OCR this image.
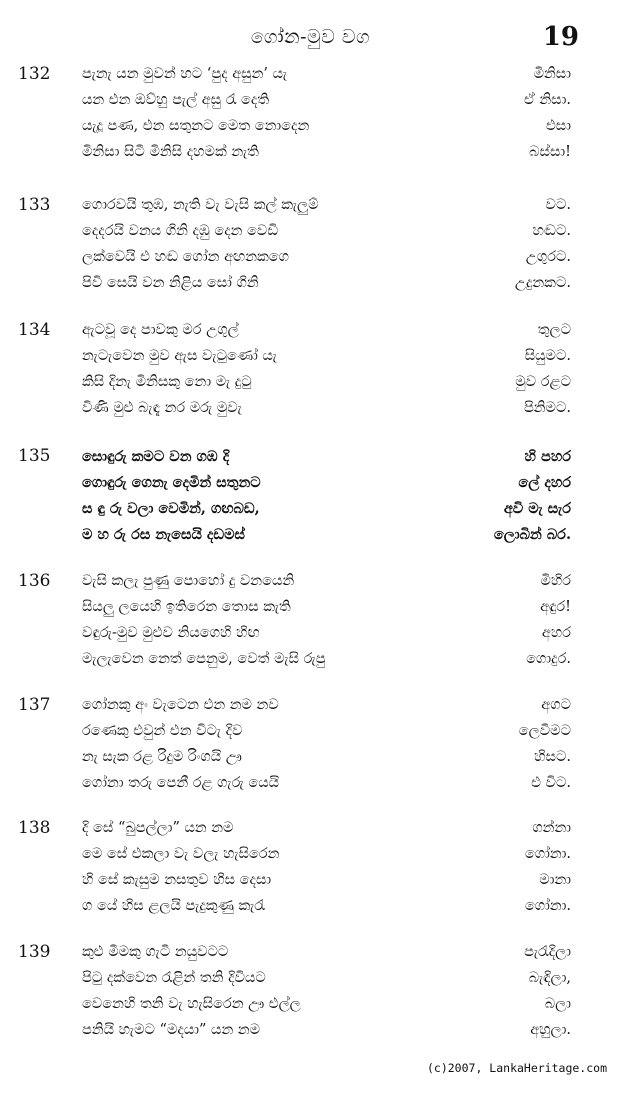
ගෝන-මුව වග	19
132 පැනැ යන මුවන් හට ‘පුද අසුන’ යැ	මිනිසා
යන එන ඔව්හු පැල් අසු රැ දෙති	ඒ නිසා.
යැදූ පණ, එන සතුනට මෙත නොදෙන	එසා
මිනිසා සිටී මිනිසි දහමක් නැති	බස්සා!
133 ගොරවයි තුඹ, නැති වැ වැසි කල් කැලුම්	වට.
දෙදරයි වනය ගිනි දඹු දෙන වෙඩි	හඬට.
ලක්වෙයි එ හඬ ගෝන අඟනකගෙ	උගුරට.
පිවි සෙයි වන නිළිය සෝ ගිනි	උදුනකට.
134 ඇටවූ දෙ පාවකු මර උගුල්	තුලට
නැටැවෙන මුව ඇස වැටුණෝ යැ	සියුමට.
කිසි දිනැ මිනිසකු නො මැ දුටු	මුව රළට
විණි මුළු බැඳැ නර මරු මුවැ	පිනිමට.
135 සොඳුරු කමට වන ගඹ දි	හි පහර
ගොඳුරු ගෙනැ දෙමින් සතුනට	ලේ දහර
ස ඳු රු වලා වෙමින්, ගඟබඩ,	අවි මැ සැර
ම හ රු රස නැසෙයි දඩමස්	ලොබින් බර.
136 වැසි කලැ පුණු පොහෝ දු වනයෙනි	මිහිර
සියලු ලයෙහි ඉතිරෙන තොස කැති	අඳුර!
වඳුරු-මුව මුළුව නියගෙහි හිඟ	අහර
මැලැවෙන නෙත් පෙනුම, වෙත් මැසි රුපු	ගොදුර.
137 ගෝනකු අං වැටෙන එන නම නව	අගට
රණෙකු එවුන් එන විටැ දිව	ලෙවීමට
නැ සැක රළ රිදුම රිංගයි ඌ	හිසට.
ගෝනා තරු පෙනී රළ ගැරු යෙයි	එ විට.
138 දි සේ “බුපල්ලා” යන නම	ගන්නා
මෙ සේ එකලා වැ වලැ හැසිරෙන	ගෝනා.
හි සේ කැසුම නසතුව හිස දෙසා	මානා
ග යේ හිස ළලයි පැදුකුණු කැරැ	ගෝනා.
139 කුළු මීමකු ගැටී නයුවටට	පැරැදිලා
පිටු දක්වෙන රැළින් තනි දිවියට	බැඳිලා,
වෙනෙහි තනි වැ හැසිරෙන ඌ එල්ල	බලා
පනියි හැමට “මදයා” යන නම	අහුලා.
(c)2007, LankaHeritage.com
